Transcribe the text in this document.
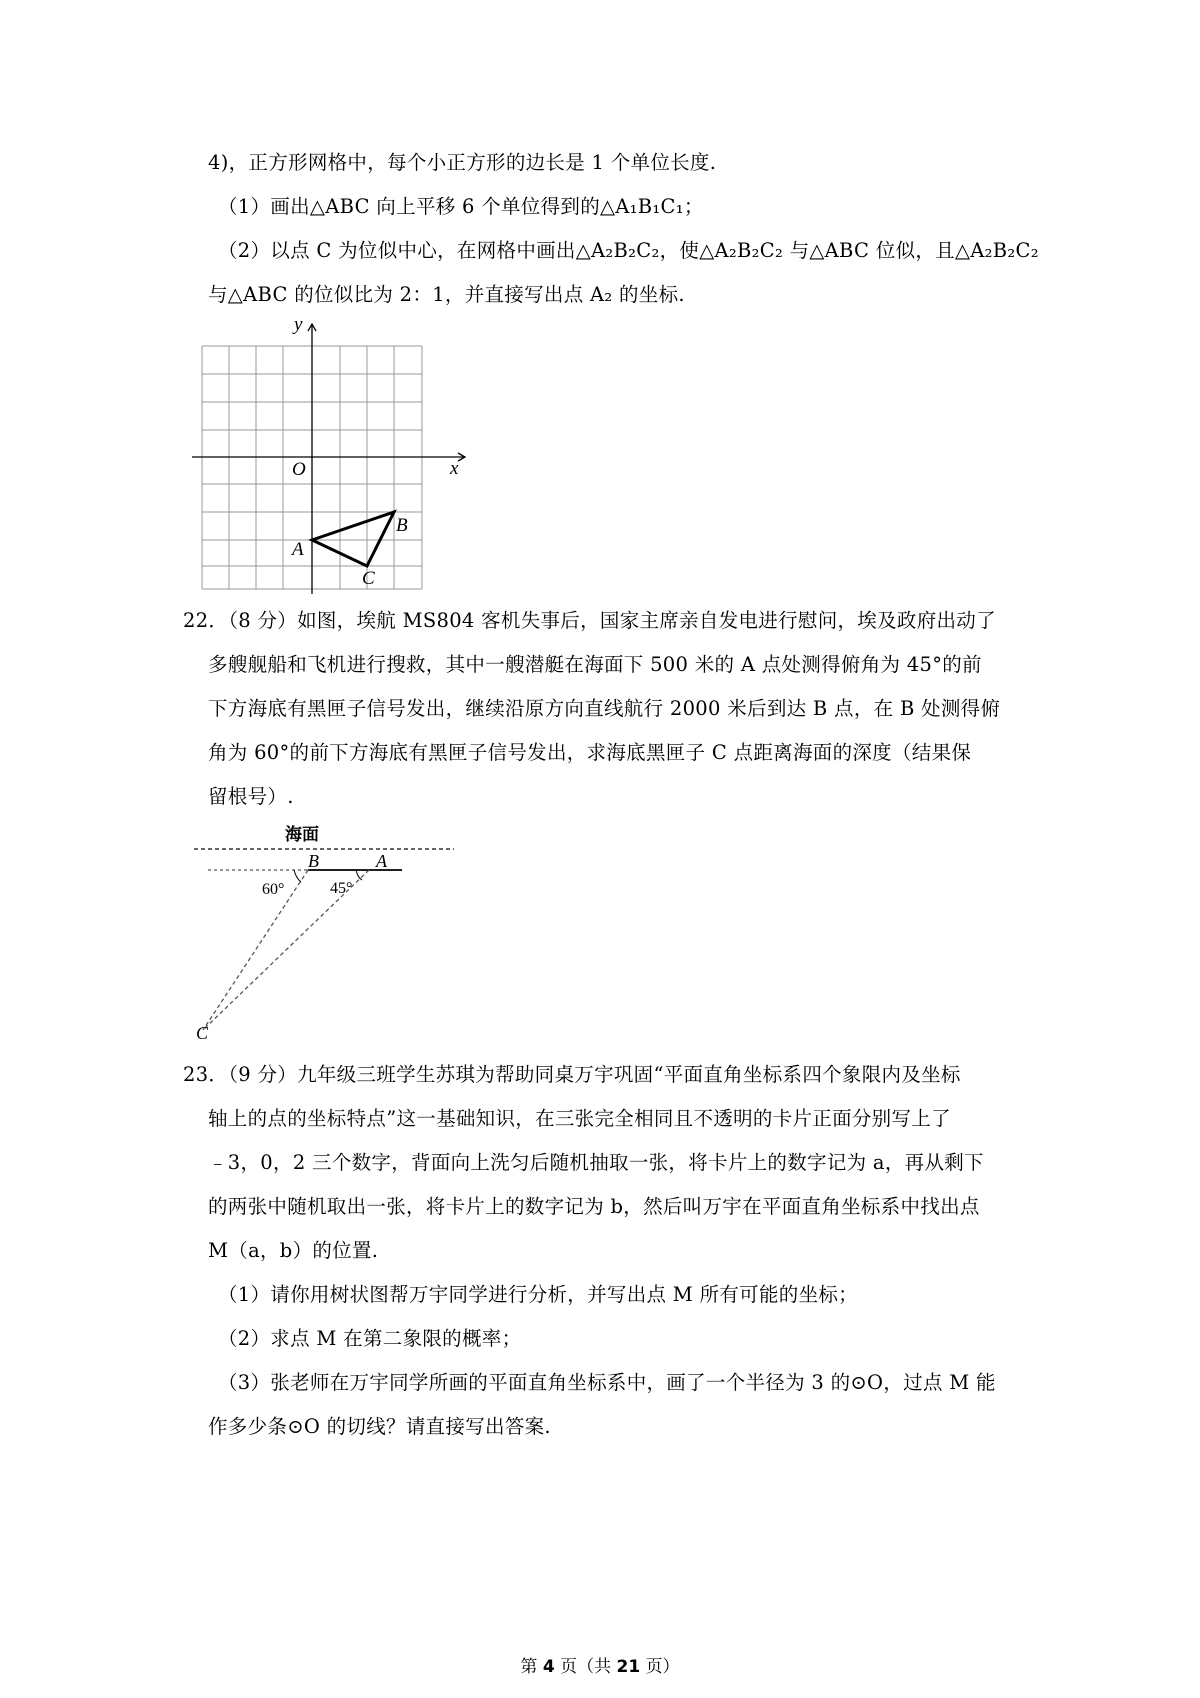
4)，正方形网格中，每个小正方形的边长是 1 个单位长度.
（1）画出△ABC 向上平移 6 个单位得到的△A₁B₁C₁；
（2）以点 C 为位似中心，在网格中画出△A₂B₂C₂，使△A₂B₂C₂ 与△ABC 位似，且△A₂B₂C₂
与△ABC 的位似比为 2：1，并直接写出点 A₂ 的坐标.
y
x
O
A
B
C
22．（8 分）如图，埃航 MS804 客机失事后，国家主席亲自发电进行慰问，埃及政府出动了
多艘舰船和飞机进行搜救，其中一艘潜艇在海面下 500 米的 A 点处测得俯角为 45°的前
下方海底有黑匣子信号发出，继续沿原方向直线航行 2000 米后到达 B 点，在 B 处测得俯
角为 60°的前下方海底有黑匣子信号发出，求海底黑匣子 C 点距离海面的深度（结果保
留根号）.
海面
B	A
60°	45°
C
23．（9 分）九年级三班学生苏琪为帮助同桌万宇巩固“平面直角坐标系四个象限内及坐标
轴上的点的坐标特点”这一基础知识，在三张完全相同且不透明的卡片正面分别写上了
﹣3，0，2 三个数字，背面向上洗匀后随机抽取一张，将卡片上的数字记为 a，再从剩下
的两张中随机取出一张，将卡片上的数字记为 b，然后叫万宇在平面直角坐标系中找出点
M（a，b）的位置.
（1）请你用树状图帮万宇同学进行分析，并写出点 M 所有可能的坐标；
（2）求点 M 在第二象限的概率；
（3）张老师在万宇同学所画的平面直角坐标系中，画了一个半径为 3 的⊙O，过点 M 能
作多少条⊙O 的切线？请直接写出答案.
第 4 页（共 21 页）
